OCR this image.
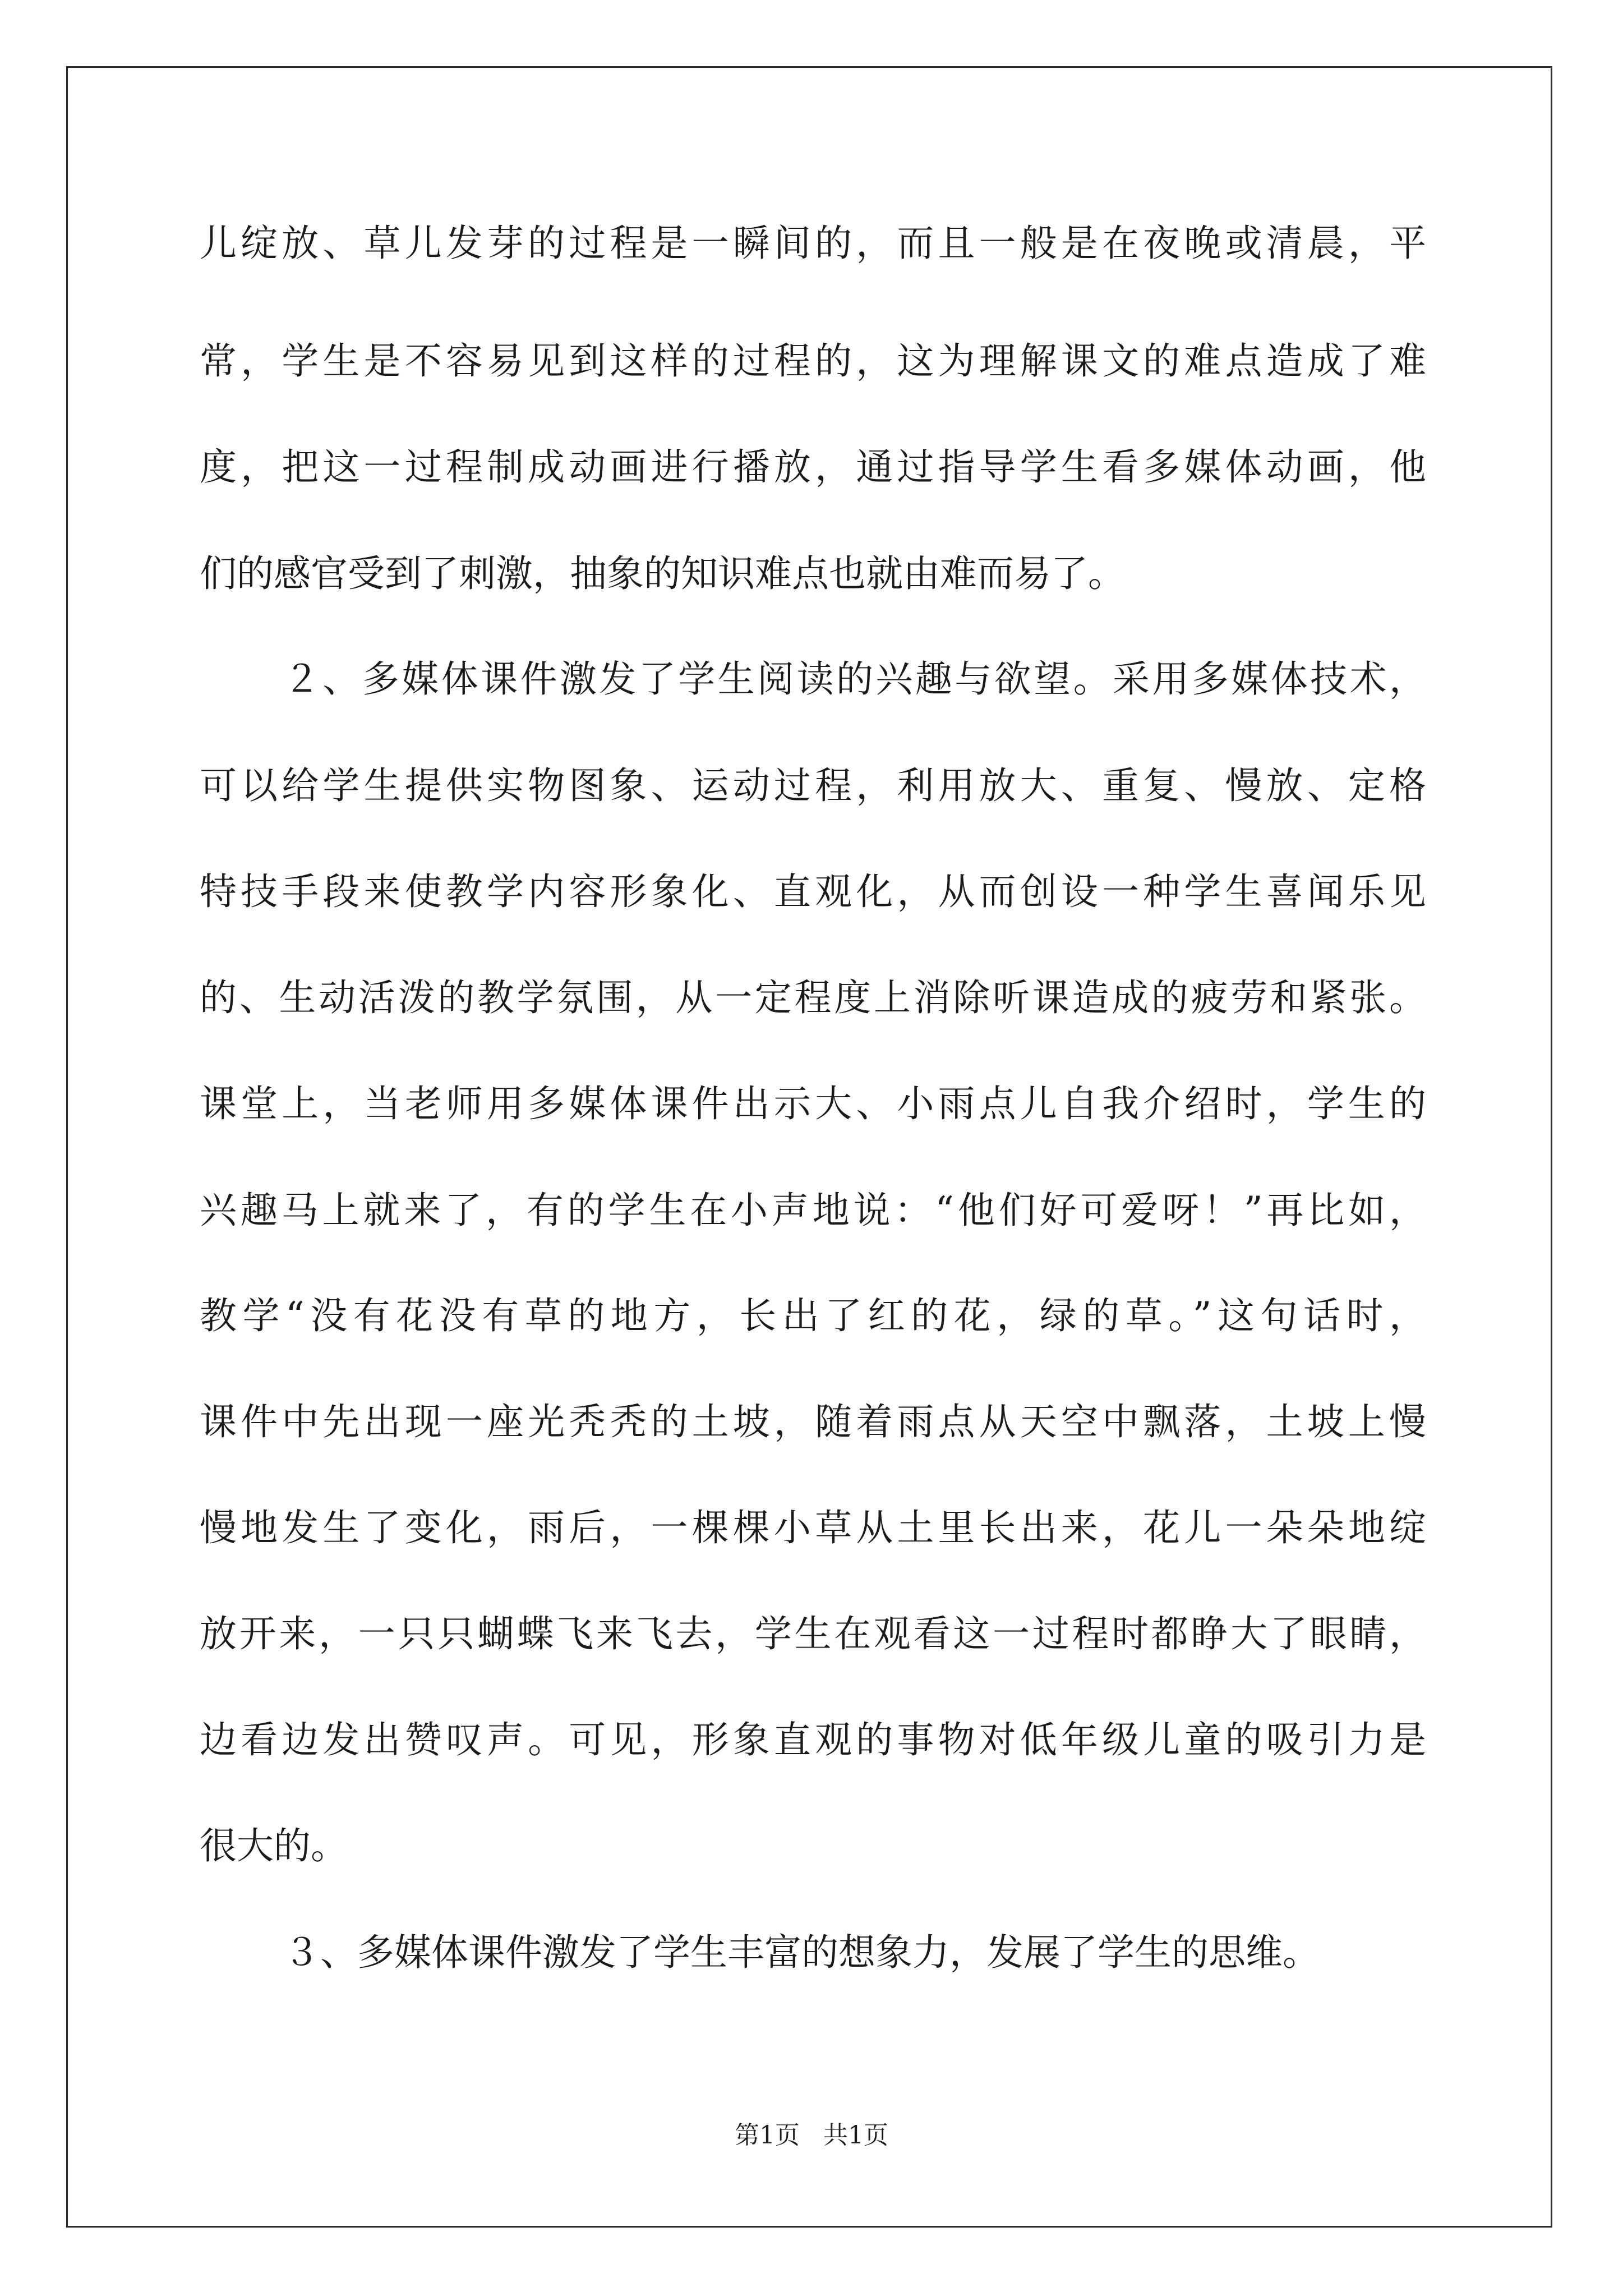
儿绽放、草儿发芽的过程是一瞬间的，而且一般是在夜晚或清晨，平
常，学生是不容易见到这样的过程的，这为理解课文的难点造成了难
度，把这一过程制成动画进行播放，通过指导学生看多媒体动画，他
们的感官受到了刺激，抽象的知识难点也就由难而易了。
２、多媒体课件激发了学生阅读的兴趣与欲望。采用多媒体技术，
可以给学生提供实物图象、运动过程，利用放大、重复、慢放、定格
特技手段来使教学内容形象化、直观化，从而创设一种学生喜闻乐见
的、生动活泼的教学氛围，从一定程度上消除听课造成的疲劳和紧张。
课堂上，当老师用多媒体课件出示大、小雨点儿自我介绍时，学生的
兴趣马上就来了，有的学生在小声地说：“他们好可爱呀！”再比如，
教学“没有花没有草的地方，长出了红的花，绿的草。”这句话时，
课件中先出现一座光秃秃的土坡，随着雨点从天空中飘落，土坡上慢
慢地发生了变化，雨后，一棵棵小草从土里长出来，花儿一朵朵地绽
放开来，一只只蝴蝶飞来飞去，学生在观看这一过程时都睁大了眼睛，
边看边发出赞叹声。可见，形象直观的事物对低年级儿童的吸引力是
很大的。
３、多媒体课件激发了学生丰富的想象力，发展了学生的思维。
第1页   共1页
